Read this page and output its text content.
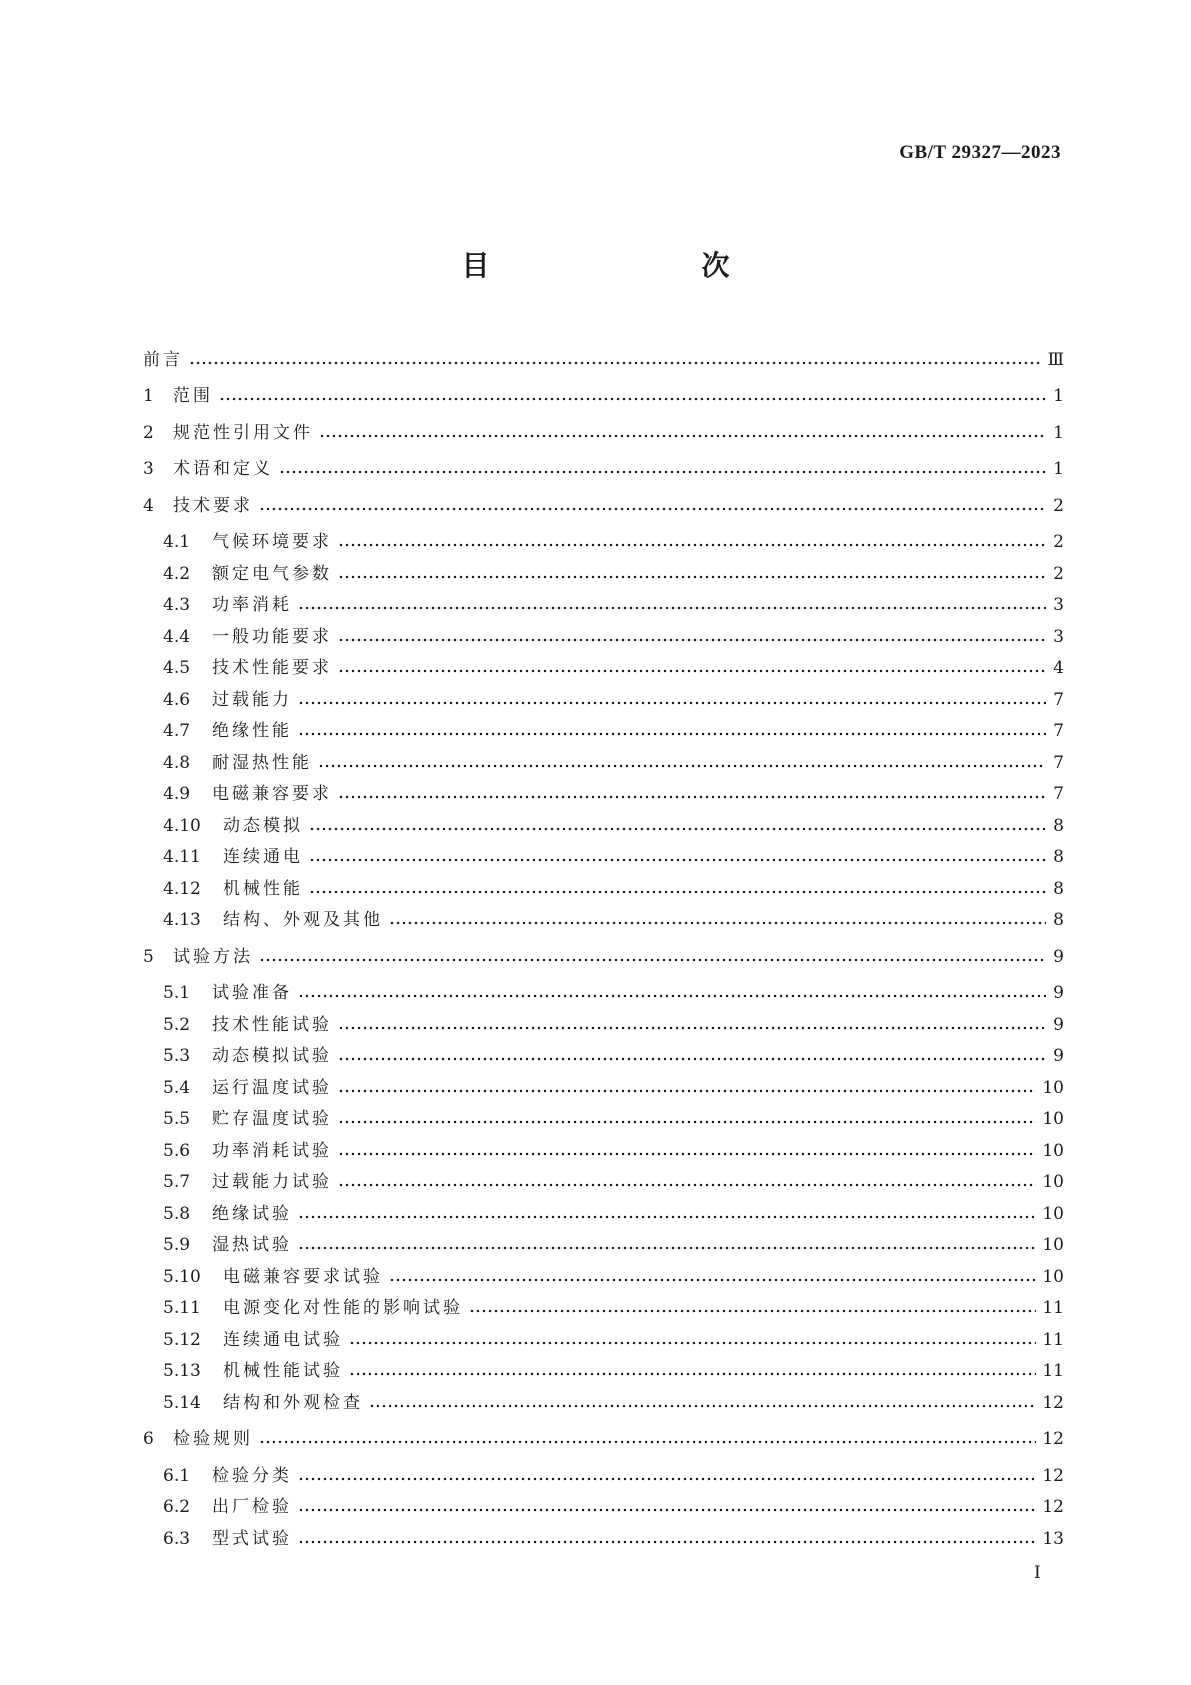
GB/T 29327—2023
目　　次
前言	Ⅲ
1	范围	1
2	规范性引用文件	1
3	术语和定义	1
4	技术要求	2
4.1	气候环境要求	2
4.2	额定电气参数	2
4.3	功率消耗	3
4.4	一般功能要求	3
4.5	技术性能要求	4
4.6	过载能力	7
4.7	绝缘性能	7
4.8	耐湿热性能	7
4.9	电磁兼容要求	7
4.10	动态模拟	8
4.11	连续通电	8
4.12	机械性能	8
4.13	结构、外观及其他	8
5	试验方法	9
5.1	试验准备	9
5.2	技术性能试验	9
5.3	动态模拟试验	9
5.4	运行温度试验	10
5.5	贮存温度试验	10
5.6	功率消耗试验	10
5.7	过载能力试验	10
5.8	绝缘试验	10
5.9	湿热试验	10
5.10	电磁兼容要求试验	10
5.11	电源变化对性能的影响试验	11
5.12	连续通电试验	11
5.13	机械性能试验	11
5.14	结构和外观检查	12
6	检验规则	12
6.1	检验分类	12
6.2	出厂检验	12
6.3	型式试验	13
Ⅰ
